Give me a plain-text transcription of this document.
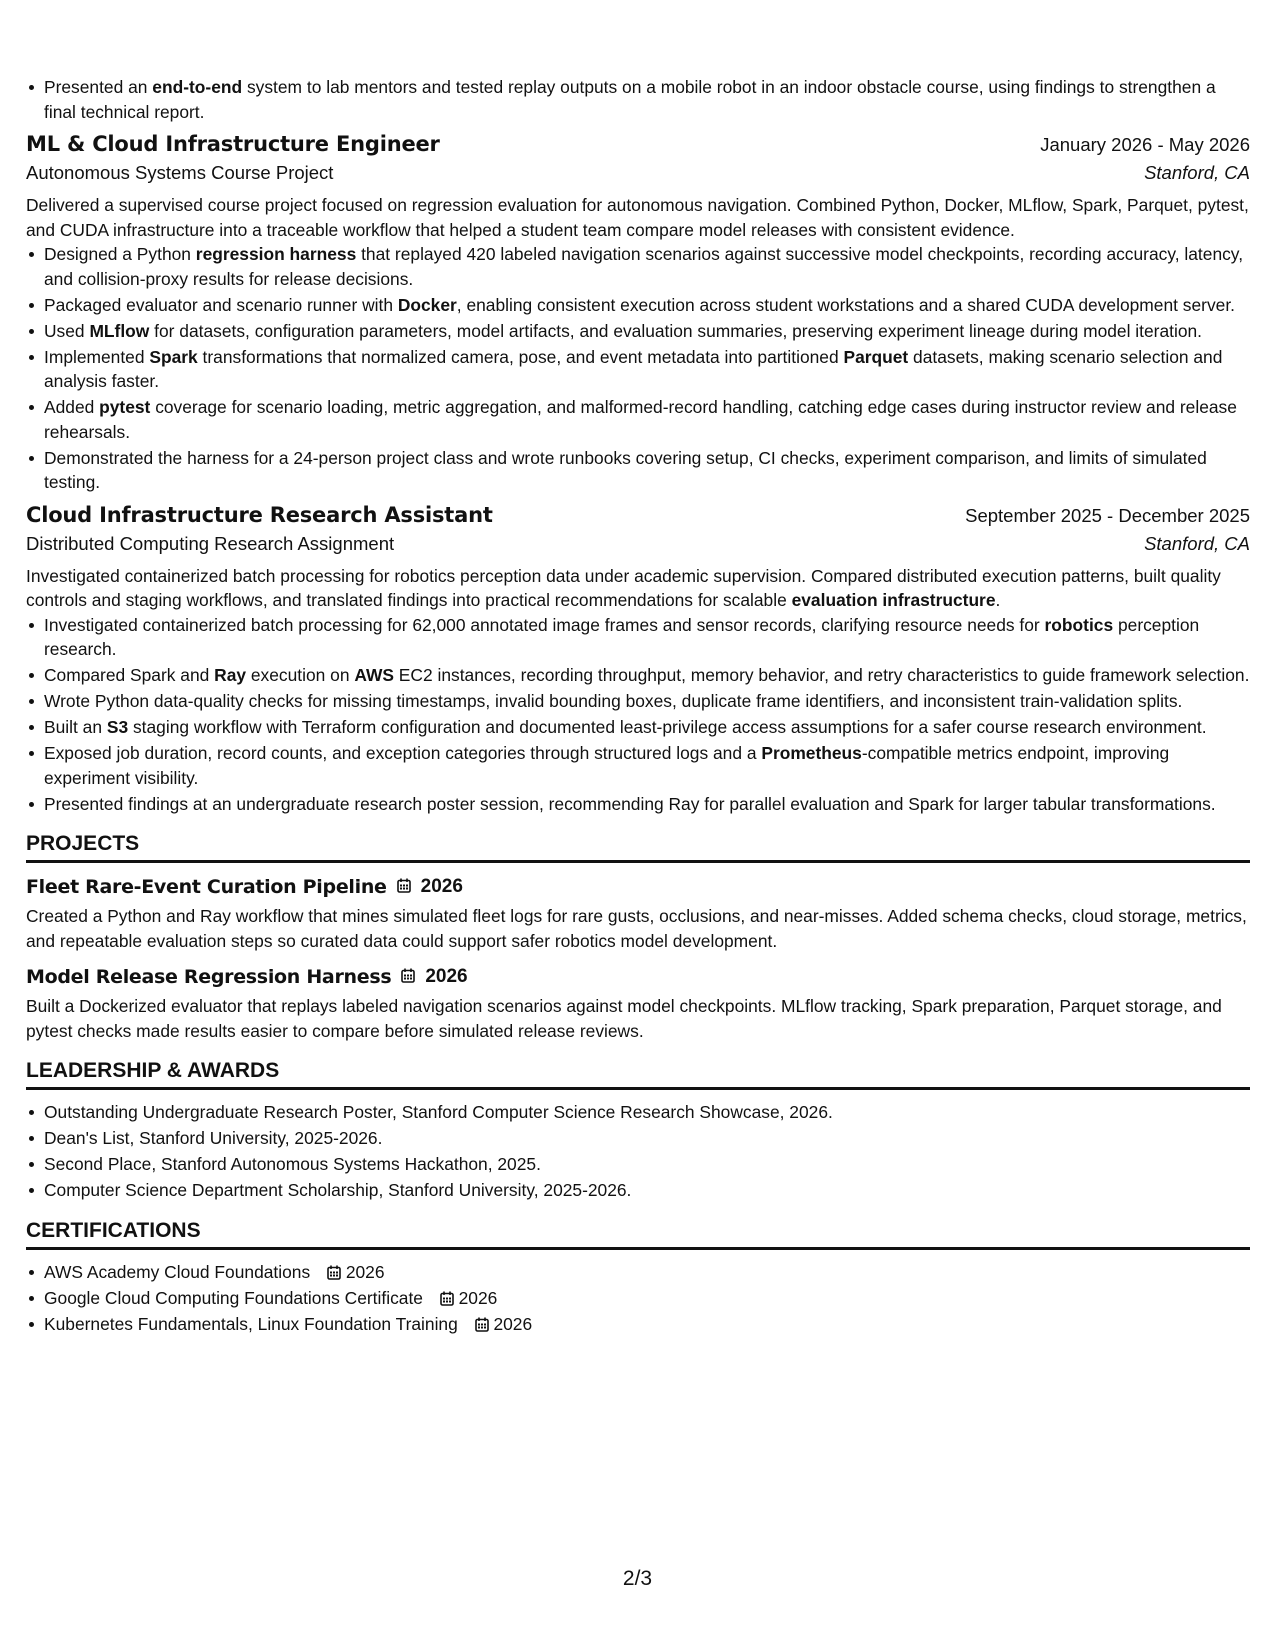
Presented an end-to-end system to lab mentors and tested replay outputs on a mobile robot in an indoor obstacle course, using findings to strengthen a final technical report.
ML & Cloud Infrastructure Engineer	January 2026 - May 2026
Autonomous Systems Course Project	Stanford, CA
Delivered a supervised course project focused on regression evaluation for autonomous navigation. Combined Python, Docker, MLflow, Spark, Parquet, pytest, and CUDA infrastructure into a traceable workflow that helped a student team compare model releases with consistent evidence.
Designed a Python regression harness that replayed 420 labeled navigation scenarios against successive model checkpoints, recording accuracy, latency, and collision-proxy results for release decisions.
Packaged evaluator and scenario runner with Docker, enabling consistent execution across student workstations and a shared CUDA development server.
Used MLflow for datasets, configuration parameters, model artifacts, and evaluation summaries, preserving experiment lineage during model iteration.
Implemented Spark transformations that normalized camera, pose, and event metadata into partitioned Parquet datasets, making scenario selection and analysis faster.
Added pytest coverage for scenario loading, metric aggregation, and malformed-record handling, catching edge cases during instructor review and release rehearsals.
Demonstrated the harness for a 24-person project class and wrote runbooks covering setup, CI checks, experiment comparison, and limits of simulated testing.
Cloud Infrastructure Research Assistant	September 2025 - December 2025
Distributed Computing Research Assignment	Stanford, CA
Investigated containerized batch processing for robotics perception data under academic supervision. Compared distributed execution patterns, built quality controls and staging workflows, and translated findings into practical recommendations for scalable evaluation infrastructure.
Investigated containerized batch processing for 62,000 annotated image frames and sensor records, clarifying resource needs for robotics perception research.
Compared Spark and Ray execution on AWS EC2 instances, recording throughput, memory behavior, and retry characteristics to guide framework selection.
Wrote Python data-quality checks for missing timestamps, invalid bounding boxes, duplicate frame identifiers, and inconsistent train-validation splits.
Built an S3 staging workflow with Terraform configuration and documented least-privilege access assumptions for a safer course research environment.
Exposed job duration, record counts, and exception categories through structured logs and a Prometheus-compatible metrics endpoint, improving experiment visibility.
Presented findings at an undergraduate research poster session, recommending Ray for parallel evaluation and Spark for larger tabular transformations.
PROJECTS
Fleet Rare-Event Curation Pipeline 2026
Created a Python and Ray workflow that mines simulated fleet logs for rare gusts, occlusions, and near-misses. Added schema checks, cloud storage, metrics, and repeatable evaluation steps so curated data could support safer robotics model development.
Model Release Regression Harness 2026
Built a Dockerized evaluator that replays labeled navigation scenarios against model checkpoints. MLflow tracking, Spark preparation, Parquet storage, and pytest checks made results easier to compare before simulated release reviews.
LEADERSHIP & AWARDS
Outstanding Undergraduate Research Poster, Stanford Computer Science Research Showcase, 2026.
Dean's List, Stanford University, 2025-2026.
Second Place, Stanford Autonomous Systems Hackathon, 2025.
Computer Science Department Scholarship, Stanford University, 2025-2026.
CERTIFICATIONS
AWS Academy Cloud Foundations 2026
Google Cloud Computing Foundations Certificate 2026
Kubernetes Fundamentals, Linux Foundation Training 2026
2/3
